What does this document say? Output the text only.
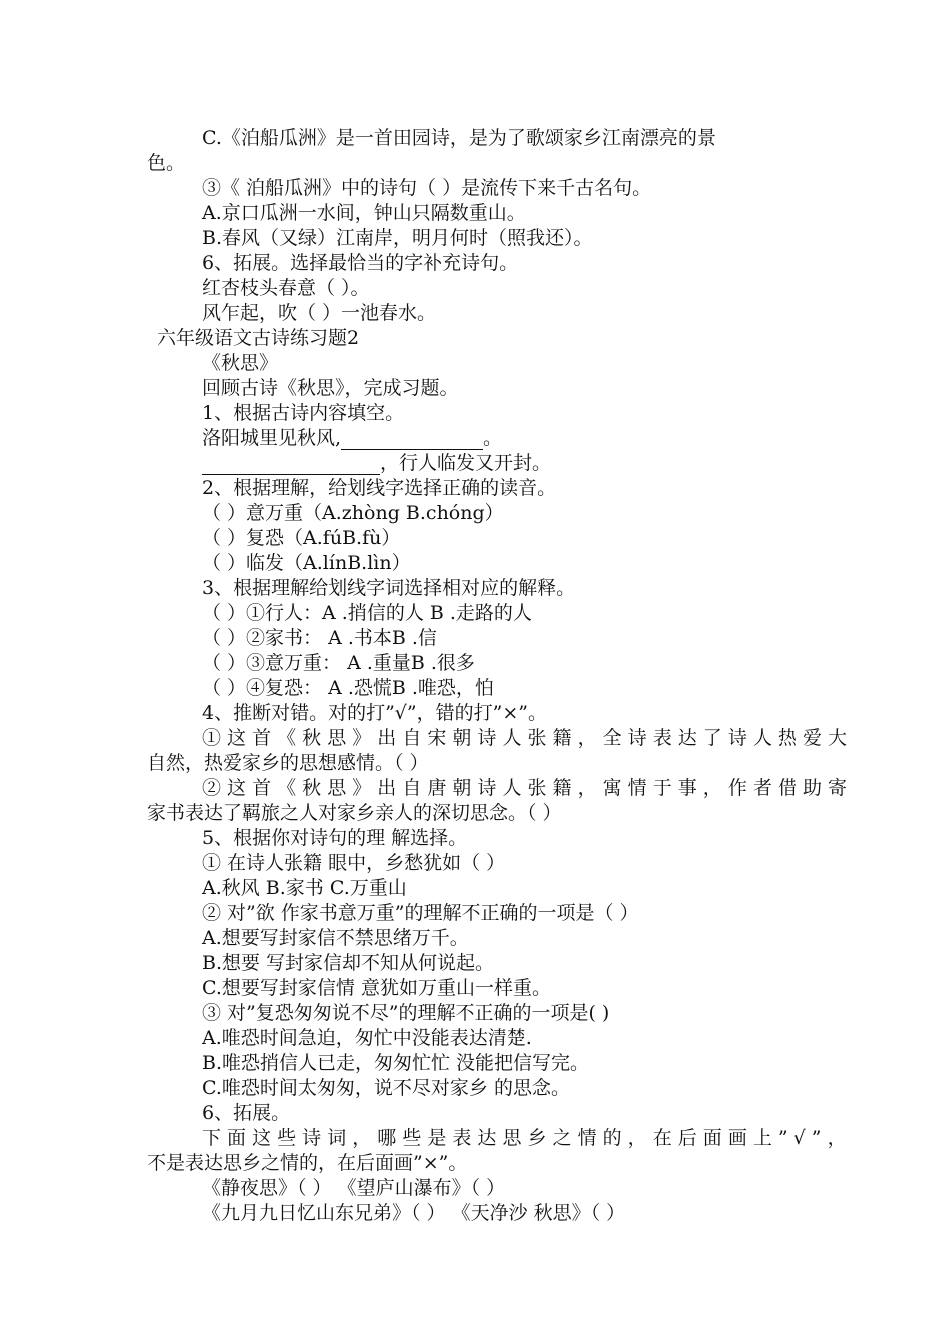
C.《泊船瓜洲》是一首田园诗，是为了歌颂家乡江南漂亮的景
色。
③《 泊船瓜洲》中的诗句（ ）是流传下来千古名句。
A.京口瓜洲一水间，钟山只隔数重山。
B.春风（又绿）江南岸，明月何时（照我还）。
6、拓展。选择最恰当的字补充诗句。
红杏枝头春意（ ）。
风乍起，吹（ ）一池春水。
六年级语文古诗练习题2
《秋思》
回顾古诗《秋思》，完成习题。
1、根据古诗内容填空。
洛阳城里见秋风,	。
，行人临发又开封。
2、根据理解，给划线字选择正确的读音。
（ ）意万重（A.zhòng B.chóng）
（ ）复恐（A.fúB.fù）
（ ）临发（A.línB.lìn）
3、根据理解给划线字词选择相对应的解释。
（ ）①行人：A .捎信的人 B .走路的人
（ ）②家书： A .书本B .信
（ ）③意万重： A .重量B .很多
（ ）④复恐： A .恐慌B .唯恐，怕
4、推断对错。对的打”√”，错的打”×”。
① 这 首 《 秋 思 》 出 自 宋 朝 诗 人 张 籍 ， 全 诗 表 达 了 诗 人 热 爱 大
自然，热爱家乡的思想感情。（ ）
② 这 首 《 秋 思 》 出 自 唐 朝 诗 人 张 籍 ， 寓 情 于 事 ， 作 者 借 助 寄
家书表达了羁旅之人对家乡亲人的深切思念。（ ）
5、根据你对诗句的理 解选择。
① 在诗人张籍 眼中，乡愁犹如（ ）
A.秋风 B.家书 C.万重山
② 对”欲 作家书意万重”的理解不正确的一项是（ ）
A.想要写封家信不禁思绪万千。
B.想要 写封家信却不知从何说起。
C.想要写封家信情 意犹如万重山一样重。
③ 对”复恐匆匆说不尽”的理解不正确的一项是( )
A.唯恐时间急迫，匆忙中没能表达清楚.
B.唯恐捎信人已走，匆匆忙忙 没能把信写完。
C.唯恐时间太匆匆，说不尽对家乡 的思念。
6、拓展。
下 面 这 些 诗 词 ， 哪 些 是 表 达 思 乡 之 情 的 ， 在 后 面 画 上 ” √ ” ，
不是表达思乡之情的，在后面画”×”。
《静夜思》（ ） 《望庐山瀑布》（ ）
《九月九日忆山东兄弟》（ ） 《天净沙 秋思》（ ）
